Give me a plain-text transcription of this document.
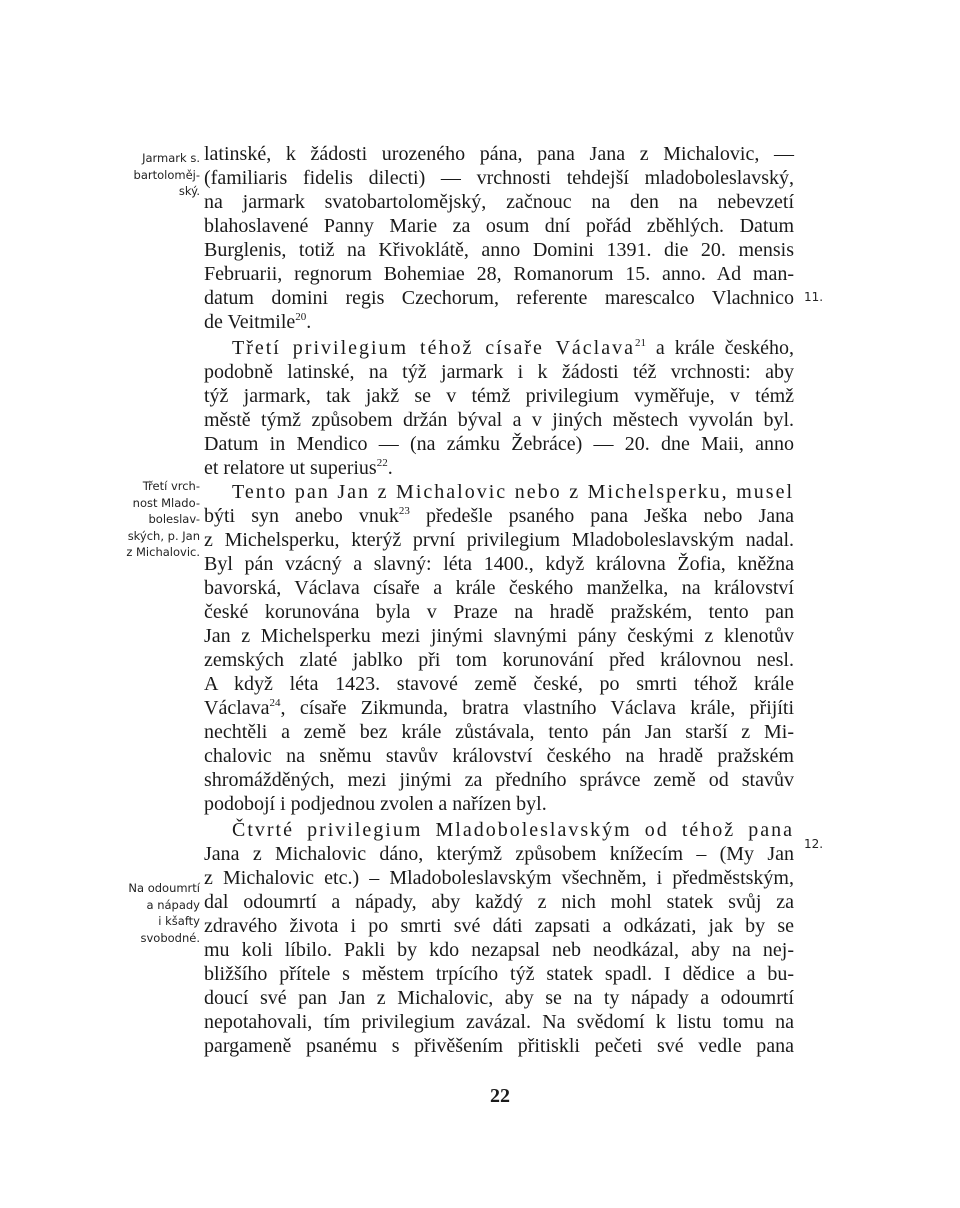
Jarmark s.
bartoloměj-
ský.
Třetí vrch-
nost Mlado-
boleslav-
ských, p. Jan
z Michalovic.
Na odoumrtí
a nápady
i kšafty
svobodné.
11.
12.
latinské, k žádosti urozeného pána, pana Jana z Michalovic, —
(familiaris fidelis dilecti) — vrchnosti tehdejší mladoboleslavský,
na jarmark svatobartolomějský, začnouc na den na nebevzetí
blahoslavené Panny Marie za osum dní pořád zběhlých. Datum
Burglenis, totiž na Křivoklátě, anno Domini 1391. die 20. mensis
Februarii, regnorum Bohemiae 28, Romanorum 15. anno. Ad man-
datum domini regis Czechorum, referente marescalco Vlachnico
de Veitmile$^{20}$.
Třetí privilegium téhož císaře Václava$^{21}$ a krále českého,
podobně latinské, na týž jarmark i k žádosti též vrchnosti: aby
týž jarmark, tak jakž se v témž privilegium vyměřuje, v témž
městě týmž způsobem držán býval a v jiných městech vyvolán byl.
Datum in Mendico — (na zámku Žebráce) — 20. dne Maii, anno
et relatore ut superius$^{22}$.
Tento pan Jan z Michalovic nebo z Michelsperku, musel
býti syn anebo vnuk$^{23}$ předešle psaného pana Ješka nebo Jana
z Michelsperku, kterýž první privilegium Mladoboleslavským nadal.
Byl pán vzácný a slavný: léta 1400., když královna Žofia, kněžna
bavorská, Václava císaře a krále českého manželka, na království
české korunována byla v Praze na hradě pražském, tento pan
Jan z Michelsperku mezi jinými slavnými pány českými z klenotův
zemských zlaté jablko při tom korunování před královnou nesl.
A když léta 1423. stavové země české, po smrti téhož krále
Václava$^{24}$, císaře Zikmunda, bratra vlastního Václava krále, přijíti
nechtěli a země bez krále zůstávala, tento pán Jan starší z Mi-
chalovic na sněmu stavův království českého na hradě pražském
shromážděných, mezi jinými za předního správce země od stavův
podobojí i podjednou zvolen a nařízen byl.
Čtvrté privilegium Mladoboleslavským od téhož pana
Jana z Michalovic dáno, kterýmž způsobem knížecím – (My Jan
z Michalovic etc.) – Mladoboleslavským všechněm, i předměstským,
dal odoumrtí a nápady, aby každý z nich mohl statek svůj za
zdravého života i po smrti své dáti zapsati a odkázati, jak by se
mu koli líbilo. Pakli by kdo nezapsal neb neodkázal, aby na nej-
bližšího přítele s městem trpícího týž statek spadl. I dědice a bu-
doucí své pan Jan z Michalovic, aby se na ty nápady a odoumrtí
nepotahovali, tím privilegium zavázal. Na svědomí k listu tomu na
pargameně psanému s přivěšením přitiskli pečeti své vedle pana
22
